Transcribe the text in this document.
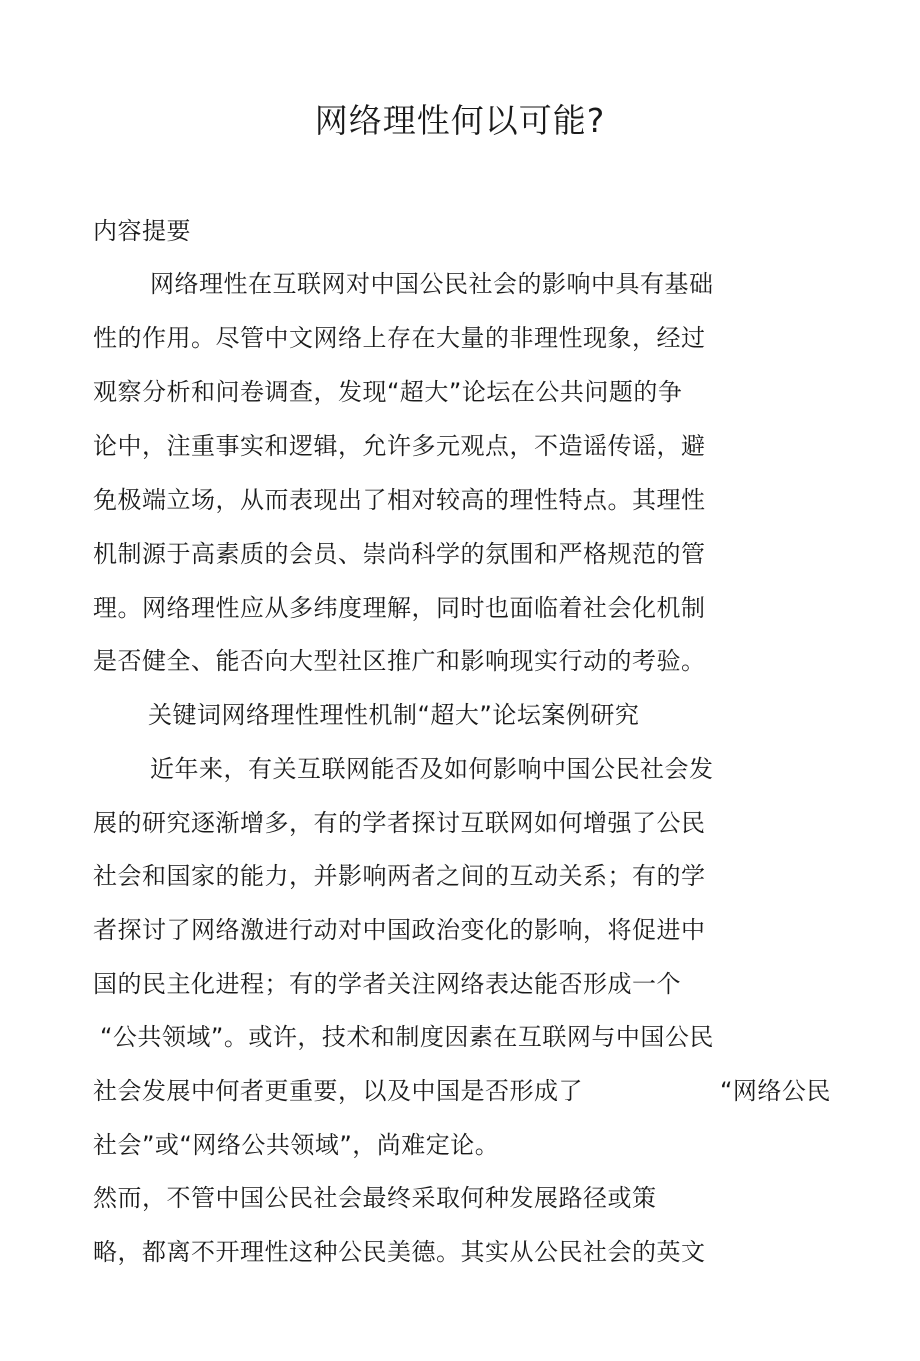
网络理性何以可能?
内容提要
网络理性在互联网对中国公民社会的影响中具有基础
性的作用。尽管中文网络上存在大量的非理性现象，经过
观察分析和问卷调查，发现“超大”论坛在公共问题的争
论中，注重事实和逻辑，允许多元观点，不造谣传谣，避
免极端立场，从而表现出了相对较高的理性特点。其理性
机制源于高素质的会员、崇尚科学的氛围和严格规范的管
理。网络理性应从多纬度理解，同时也面临着社会化机制
是否健全、能否向大型社区推广和影响现实行动的考验。
关键词网络理性理性机制“超大”论坛案例研究
近年来，有关互联网能否及如何影响中国公民社会发
展的研究逐渐增多，有的学者探讨互联网如何增强了公民
社会和国家的能力，并影响两者之间的互动关系；有的学
者探讨了网络激进行动对中国政治变化的影响，将促进中
国的民主化进程；有的学者关注网络表达能否形成一个
“公共领域”。或许，技术和制度因素在互联网与中国公民
社会发展中何者更重要，以及中国是否形成了	“网络公民
社会”或“网络公共领域”，尚难定论。
然而，不管中国公民社会最终采取何种发展路径或策
略，都离不开理性这种公民美德。其实从公民社会的英文
